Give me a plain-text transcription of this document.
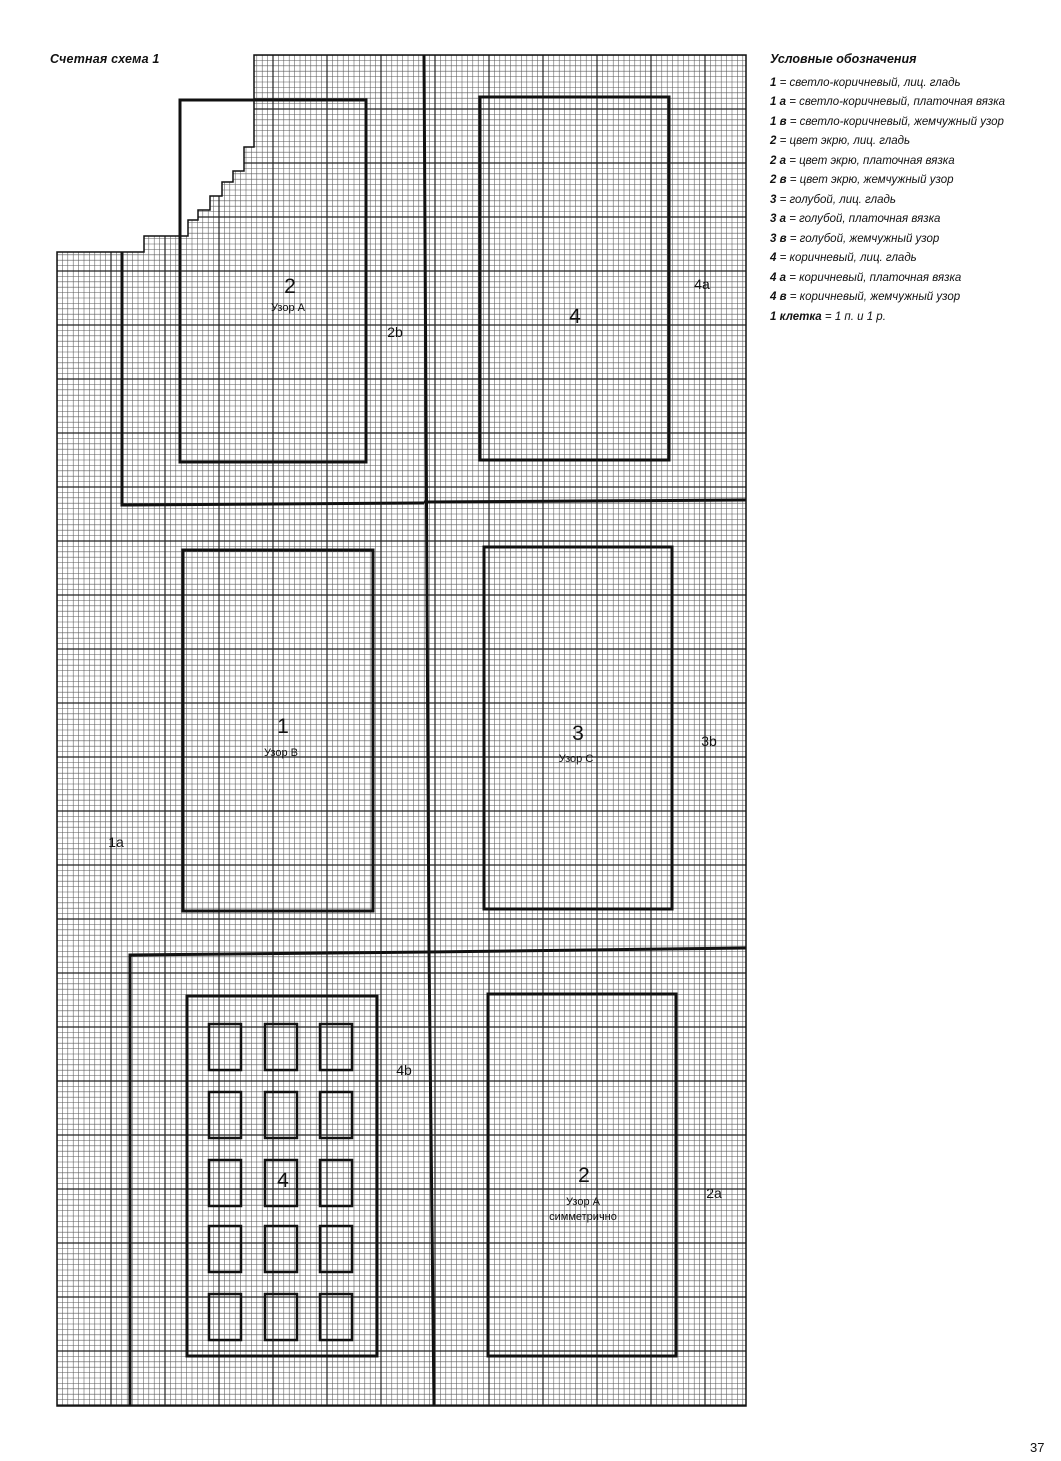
Счетная схема 1	Условные обозначения
1 = светло-коричневый, лиц. гладь
1 а = светло-коричневый, платочная вязка
1 в = светло-коричневый, жемчужный узор
2 = цвет экрю, лиц. гладь
2 а = цвет экрю, платочная вязка
2 в = цвет экрю, жемчужный узор
3 = голубой, лиц. гладь
3 а = голубой, платочная вязка
3 в = голубой, жемчужный узор
4 = коричневый, лиц. гладь
4 а = коричневый, платочная вязка
4 в = коричневый, жемчужный узор
1 клетка = 1 п. и 1 р.
2
Узор А
2b
4
4a
1
Узор В
3
Узор С
3b
1a
4b
4	2
Узор А
симметрично
2a
37
